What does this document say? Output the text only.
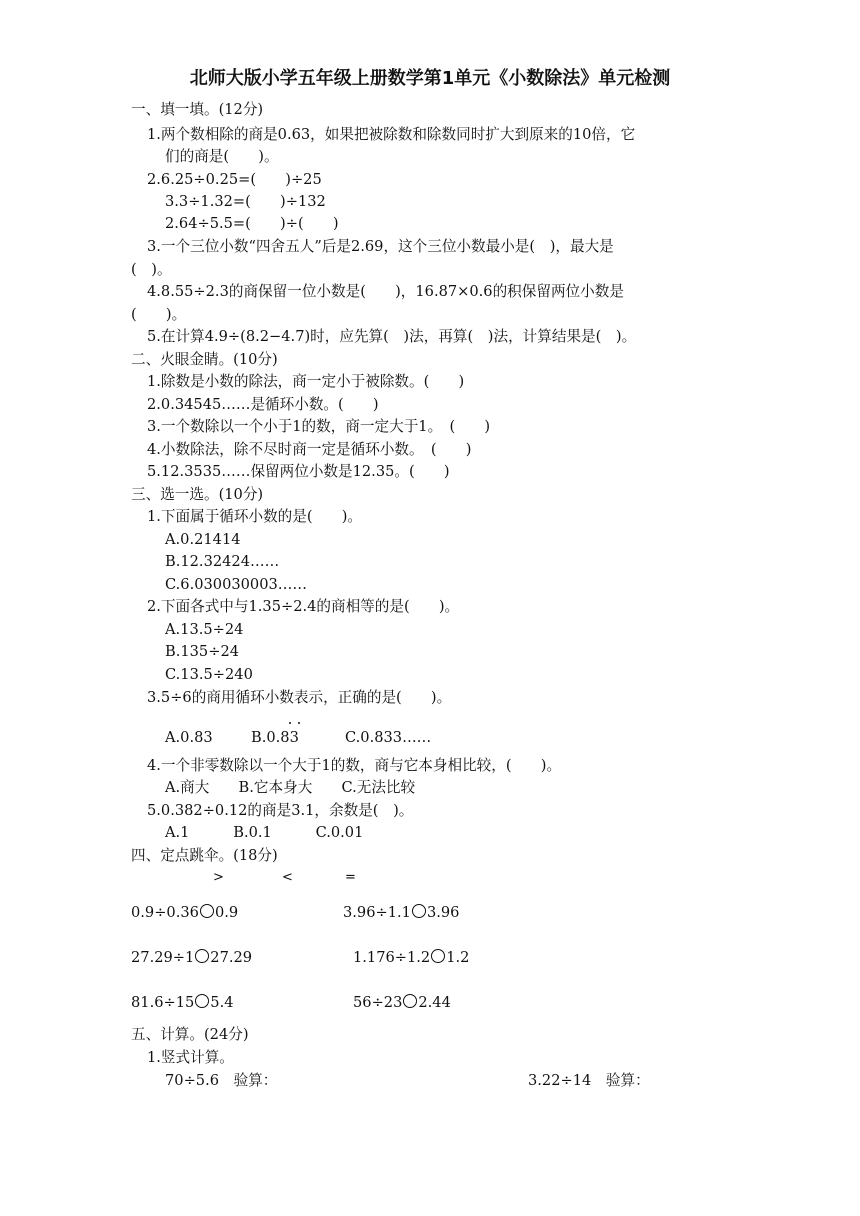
北师大版小学五年级上册数学第1单元《小数除法》单元检测
一、填一填。(12分)
1.两个数相除的商是0.63，如果把被除数和除数同时扩大到原来的10倍，它
们的商是(　　)。
2.6.25÷0.25=(　　)÷25
3.3÷1.32=(　　)÷132
2.64÷5.5=(　　)÷(　　)
3.一个三位小数“四舍五人”后是2.69，这个三位小数最小是(　)，最大是
(　)。
4.8.55÷2.3的商保留一位小数是(　　)，16.87×0.6的积保留两位小数是
(　　)。
5.在计算4.9÷(8.2−4.7)时，应先算(　)法，再算(　)法，计算结果是(　)。
二、火眼金睛。(10分)
1.除数是小数的除法，商一定小于被除数。(　　)
2.0.34545……是循环小数。(　　)
3.一个数除以一个小于1的数，商一定大于1。　(　　)
4.小数除法，除不尽时商一定是循环小数。　(　　)
5.12.3535……保留两位小数是12.35。(　　)
三、选一选。(10分)
1.下面属于循环小数的是(　　)。
A.0.21414
B.12.32424……
C.6.030030003……
2.下面各式中与1.35÷2.4的商相等的是(　　)。
A.13.5÷24
B.135÷24
C.13.5÷240
3.5÷6的商用循环小数表示，正确的是(　　)。
A.0.83	B.0.83	C.0.833……
4.一个非零数除以一个大于1的数，商与它本身相比较，(　　)。
A.商大　　B.它本身大　　C.无法比较
5.0.382÷0.12的商是3.1，余数是(　)。
A.1　　　B.0.1　　　C.0.01
四、定点跳伞。(18分)
>	<	=
0.9÷0.36 0.9	3.96÷1.1 3.96
27.29÷1 27.29	1.176÷1.2 1.2
81.6÷15 5.4	56÷23 2.44
五、计算。(24分)
1.竖式计算。
70÷5.6　验算：	3.22÷14　验算：
